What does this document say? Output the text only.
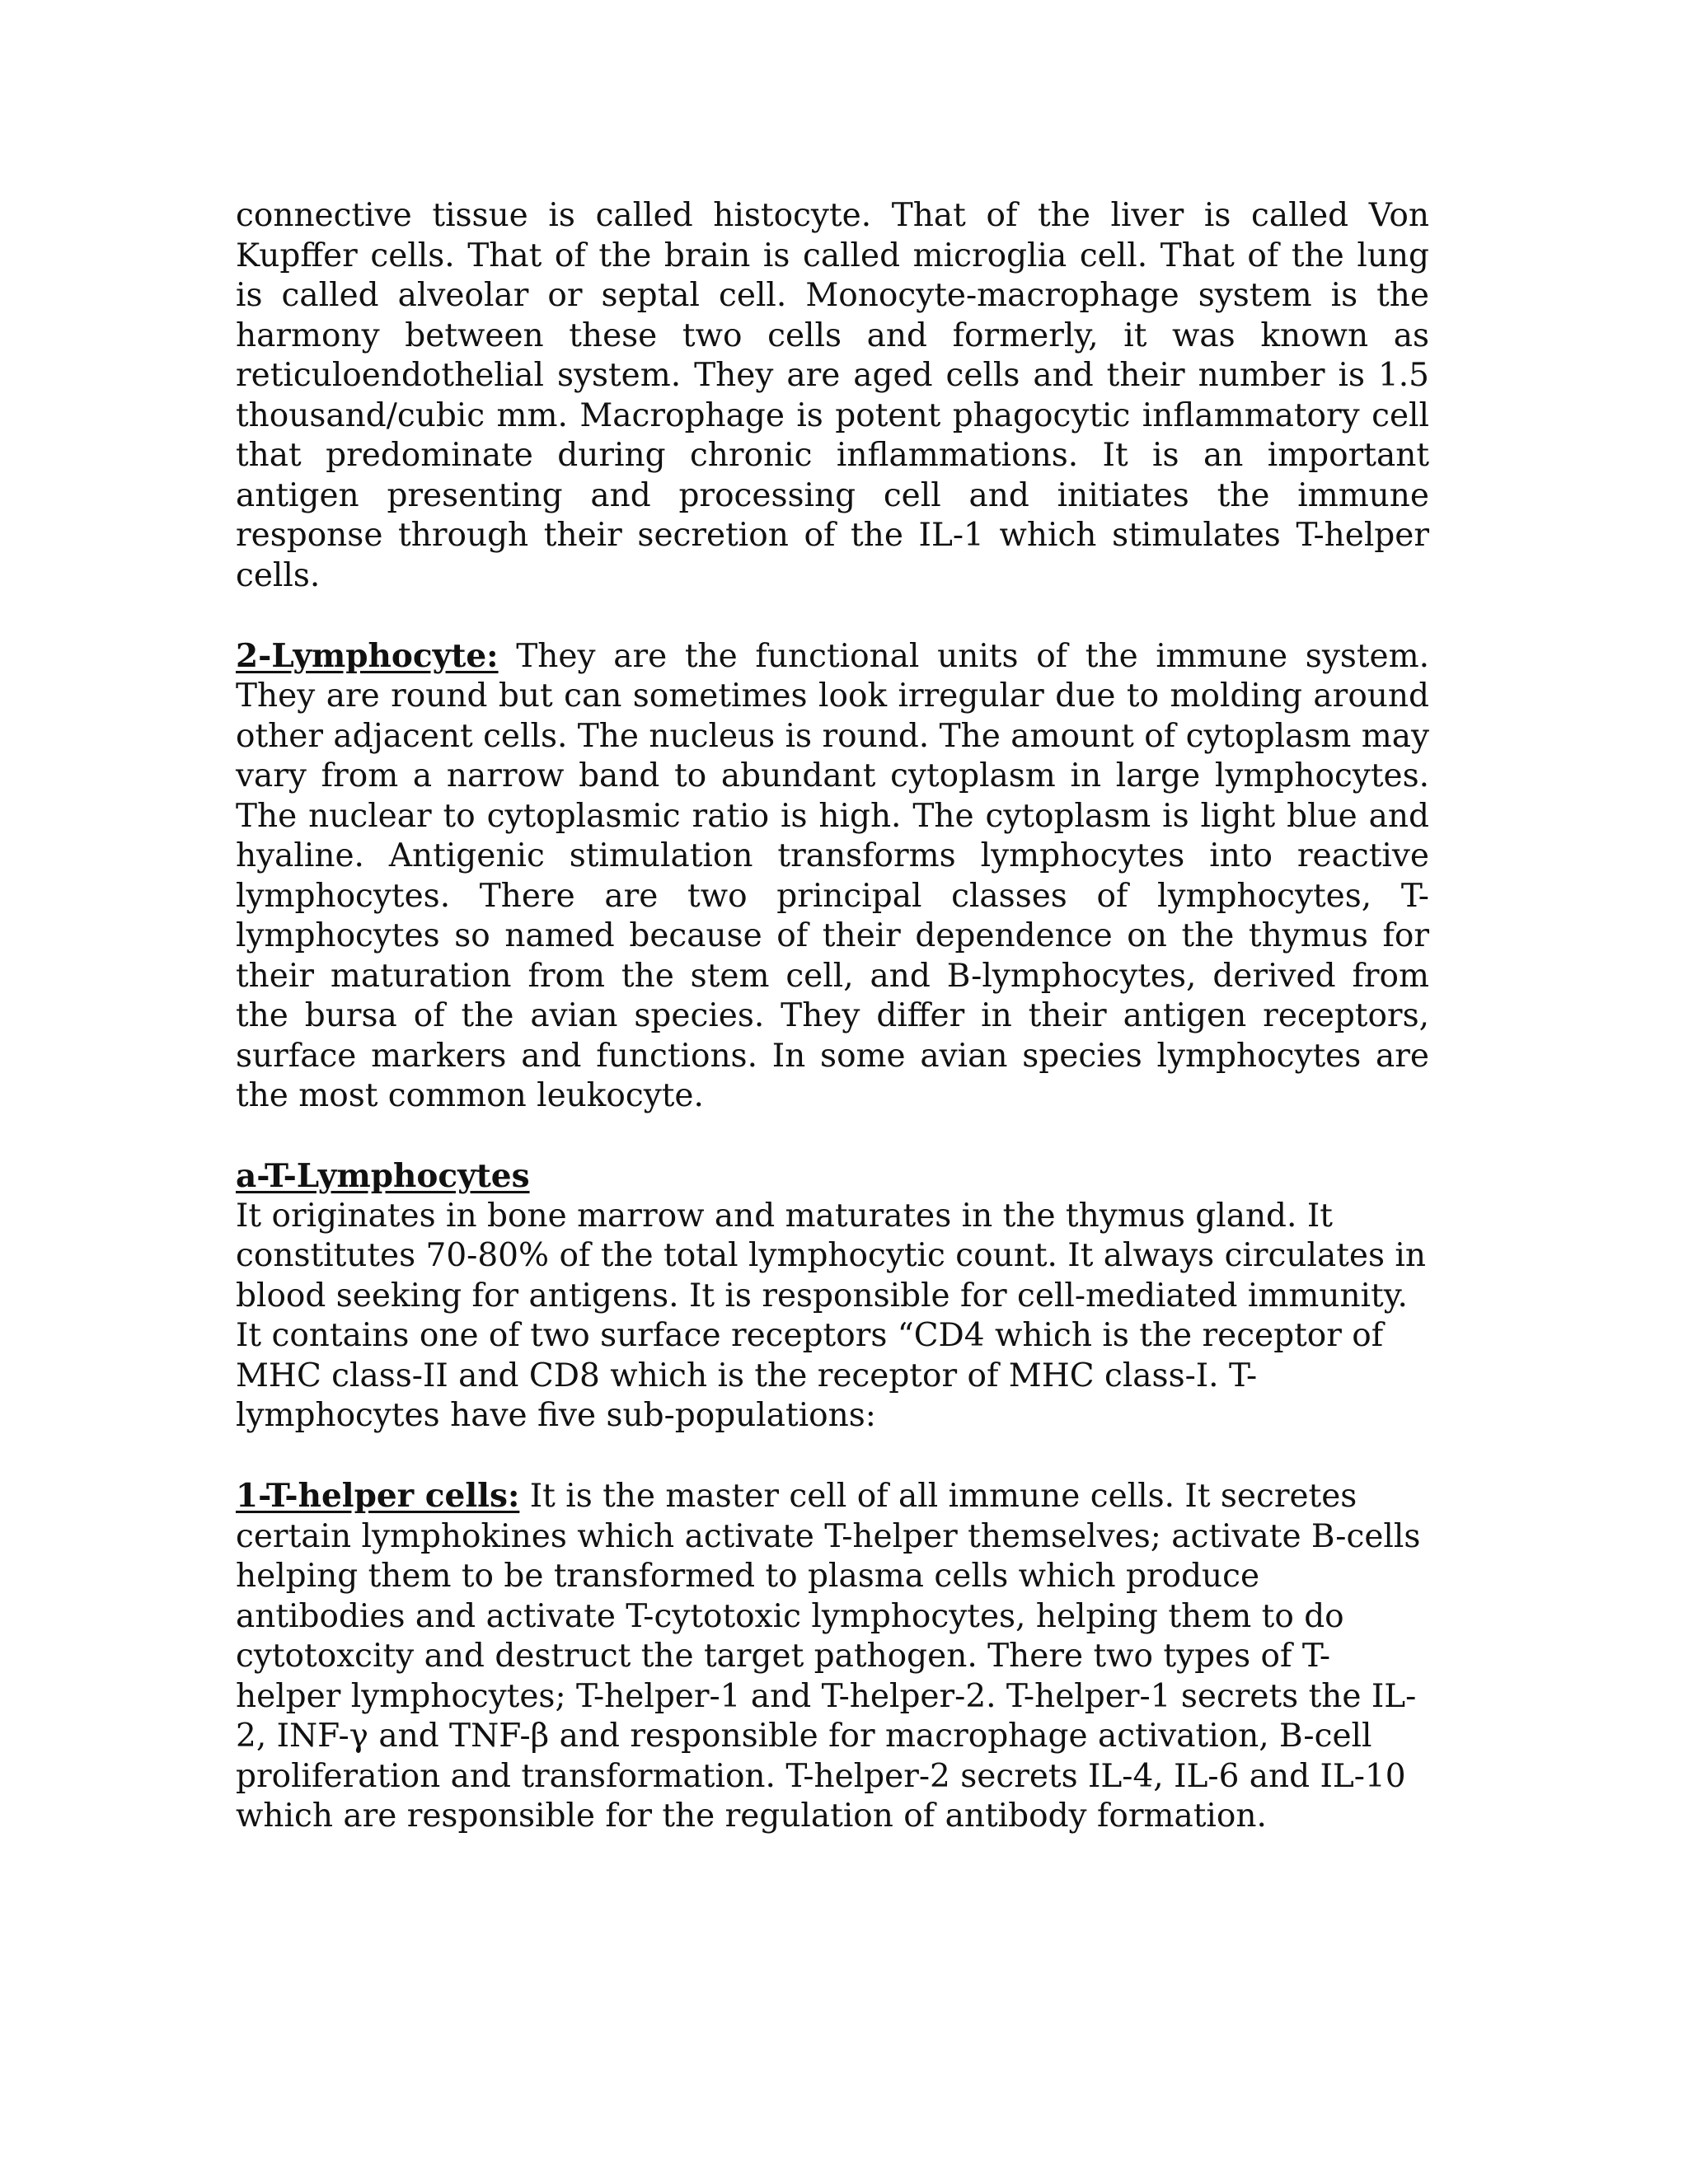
connective tissue is called histocyte. That of the liver is called Von Kupffer cells. That of the brain is called microglia cell. That of the lung is called alveolar or septal cell. Monocyte-macrophage system is the harmony between these two cells and formerly, it was known as reticuloendothelial system. They are aged cells and their number is 1.5 thousand/cubic mm. Macrophage is potent phagocytic inflammatory cell that predominate during chronic inflammations. It is an important antigen presenting and processing cell and initiates the immune response through their secretion of the IL-1 which stimulates T-helper cells.

2-Lymphocyte: They are the functional units of the immune system. They are round but can sometimes look irregular due to molding around other adjacent cells. The nucleus is round. The amount of cytoplasm may vary from a narrow band to abundant cytoplasm in large lymphocytes. The nuclear to cytoplasmic ratio is high. The cytoplasm is light blue and hyaline. Antigenic stimulation transforms lymphocytes into reactive lymphocytes. There are two principal classes of lymphocytes, T-lymphocytes so named because of their dependence on the thymus for their maturation from the stem cell, and B-lymphocytes, derived from the bursa of the avian species. They differ in their antigen receptors, surface markers and functions. In some avian species lymphocytes are the most common leukocyte.

a-T-Lymphocytes
It originates in bone marrow and maturates in the thymus gland. It constitutes 70-80% of the total lymphocytic count. It always circulates in blood seeking for antigens. It is responsible for cell-mediated immunity. It contains one of two surface receptors “CD4 which is the receptor of MHC class-II and CD8 which is the receptor of MHC class-I. T-lymphocytes have five sub-populations:

1-T-helper cells: It is the master cell of all immune cells. It secretes certain lymphokines which activate T-helper themselves; activate B-cells helping them to be transformed to plasma cells which produce antibodies and activate T-cytotoxic lymphocytes, helping them to do cytotoxcity and destruct the target pathogen. There two types of T-helper lymphocytes; T-helper-1 and T-helper-2. T-helper-1 secrets the IL-2, INF-γ and TNF-β and responsible for macrophage activation, B-cell proliferation and transformation. T-helper-2 secrets IL-4, IL-6 and IL-10 which are responsible for the regulation of antibody formation.
